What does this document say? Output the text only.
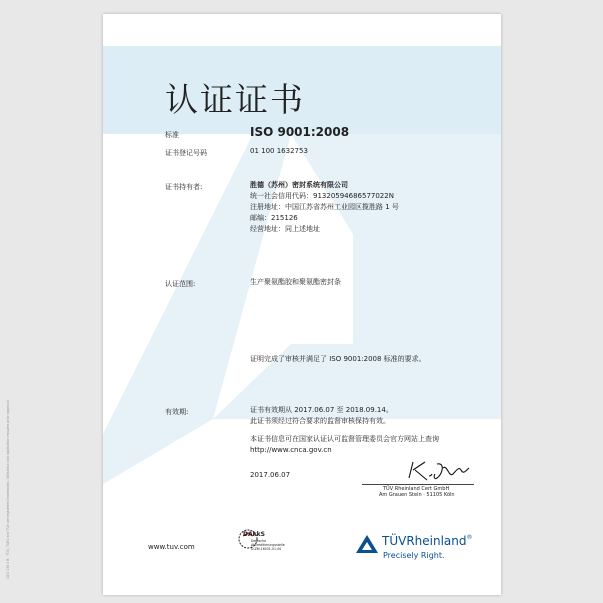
认证证书
标准	ISO 9001:2008
证书登记号码	01 100 1632753
证书持有者:	胜德（苏州）密封系统有限公司
统一社会信用代码：91320594686577022N
注册地址：中国江苏省苏州工业园区揽胜路 1 号
邮编：215126
经营地址：同上述地址
认证范围:	生产聚氨酯胶和聚氨酯密封条
证明完成了审核并满足了 ISO 9001:2008 标准的要求。
有效期:	证书有效期从 2017.06.07 至 2018.09.14。
此证书须经过符合要求的监督审核保持有效。
本证书信息可在国家认证认可监督管理委员会官方网站上查询
http://www.cnca.gov.cn
2017.06.07
TÜV Rheinland Cert GmbH
Am Grauen Stein · 51105 Köln
www.tuv.com
DAkkS
Deutsche
Akkreditierungsstelle
D-ZM-16031-01-00
TÜVRheinland®
Precisely Right.
10/1 138 0 B · TÜV, TUEV and TUV are registered trademarks. Utilisation and application requires prior approval.
